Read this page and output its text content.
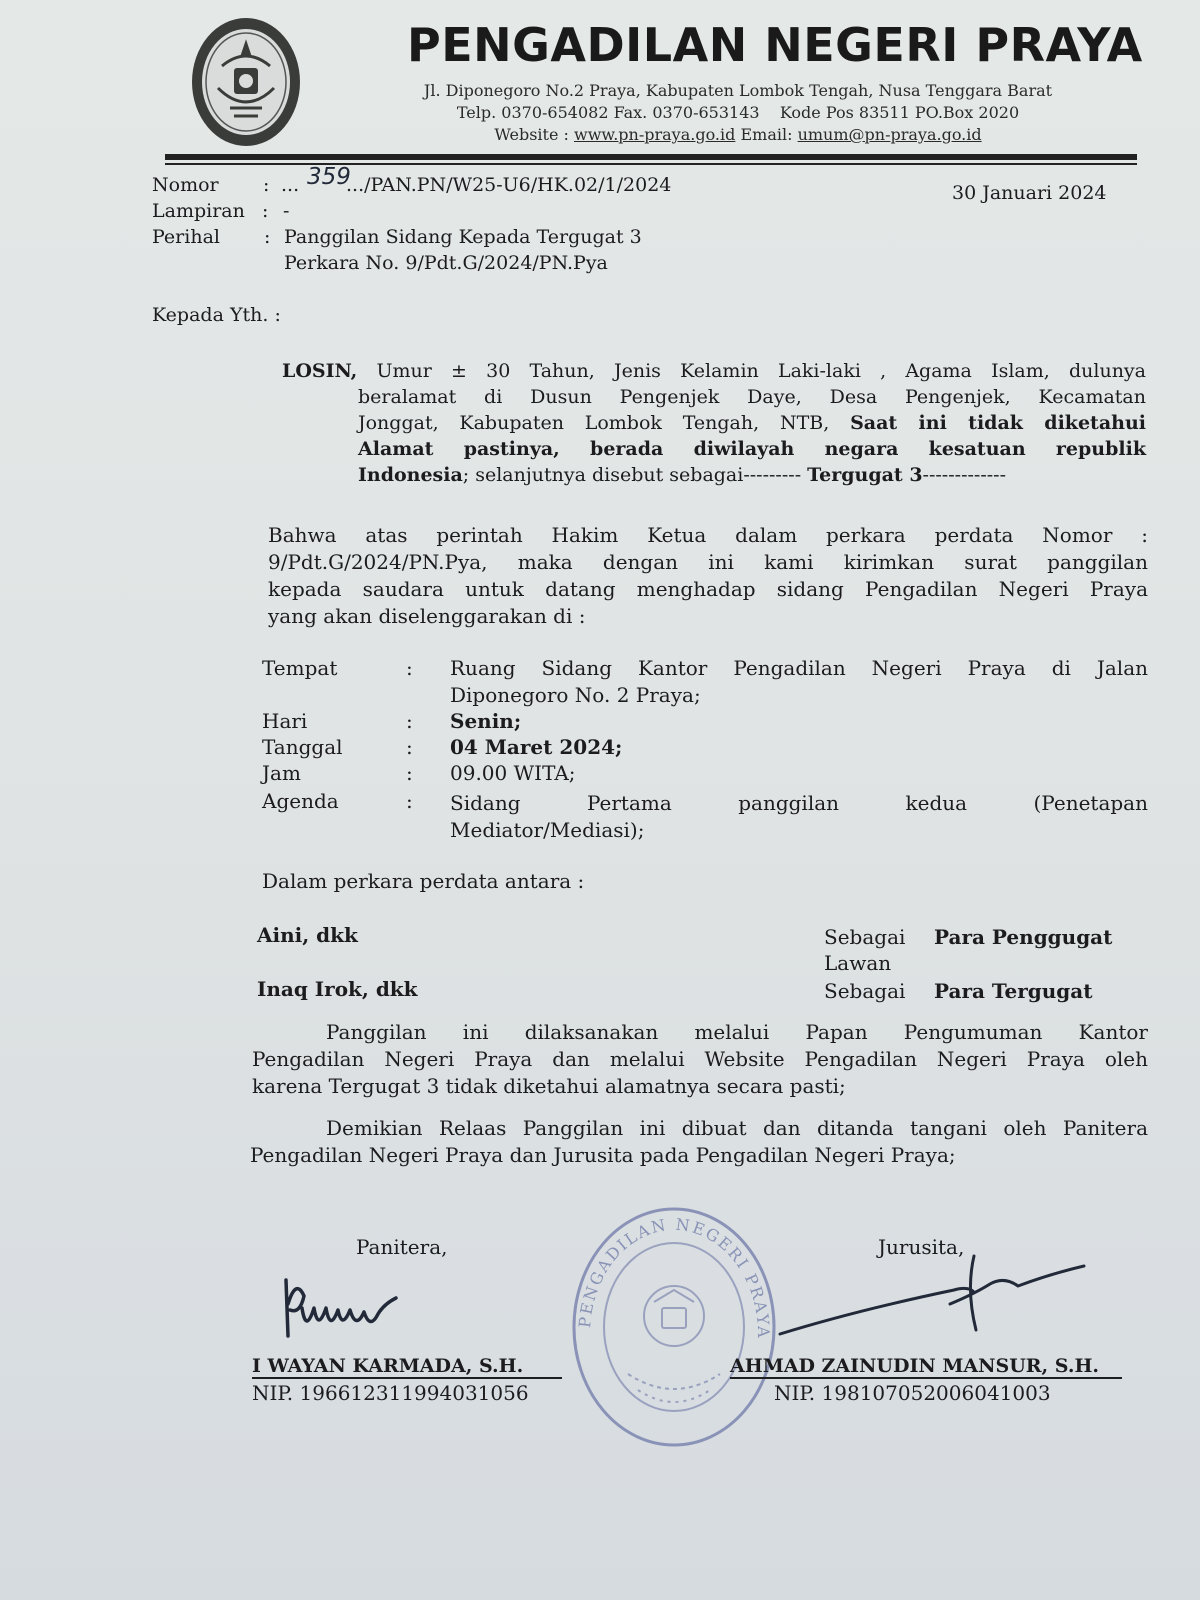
PENGADILAN NEGERI PRAYA
Jl. Diponegoro No.2 Praya, Kabupaten Lombok Tengah, Nusa Tenggara Barat
Telp. 0370-654082 Fax. 0370-653143 Kode Pos 83511 PO.Box 2020
Website : www.pn-praya.go.id Email: umum@pn-praya.go.id
Nomor : ... 359
.../PAN.PN/W25-U6/HK.02/1/2024	30 Januari 2024
Lampiran : -
Perihal : Panggilan Sidang Kepada Tergugat 3
Perkara No. 9/Pdt.G/2024/PN.Pya
Kepada Yth. :
LOSIN, Umur ± 30 Tahun, Jenis Kelamin Laki-laki , Agama Islam, dulunya
beralamat di Dusun Pengenjek Daye, Desa Pengenjek, Kecamatan
Jonggat, Kabupaten Lombok Tengah, NTB, Saat ini tidak diketahui
Alamat pastinya, berada diwilayah negara kesatuan republik
Indonesia; selanjutnya disebut sebagai--------- Tergugat 3-------------
Bahwa atas perintah Hakim Ketua dalam perkara perdata Nomor :
9/Pdt.G/2024/PN.Pya, maka dengan ini kami kirimkan surat panggilan
kepada saudara untuk datang menghadap sidang Pengadilan Negeri Praya
yang akan diselenggarakan di :
Tempat	: Ruang Sidang Kantor Pengadilan Negeri Praya di Jalan
Diponegoro No. 2 Praya;
Hari	: Senin;
Tanggal	: 04 Maret 2024;
Jam	: 09.00 WITA;
Agenda	: Sidang Pertama panggilan kedua (Penetapan
Mediator/Mediasi);
Dalam perkara perdata antara :
Aini, dkk	Sebagai Para Penggugat
Lawan
Inaq Irok, dkk	Sebagai Para Tergugat
Panggilan ini dilaksanakan melalui Papan Pengumuman Kantor
Pengadilan Negeri Praya dan melalui Website Pengadilan Negeri Praya oleh
karena Tergugat 3 tidak diketahui alamatnya secara pasti;
Demikian Relaas Panggilan ini dibuat dan ditanda tangani oleh Panitera
Pengadilan Negeri Praya dan Jurusita pada Pengadilan Negeri Praya;
PENGADILAN NEGERI PRAYA
Panitera,
I WAYAN KARMADA, S.H.
NIP. 196612311994031056
Jurusita,
AHMAD ZAINUDIN MANSUR, S.H.
NIP. 198107052006041003
